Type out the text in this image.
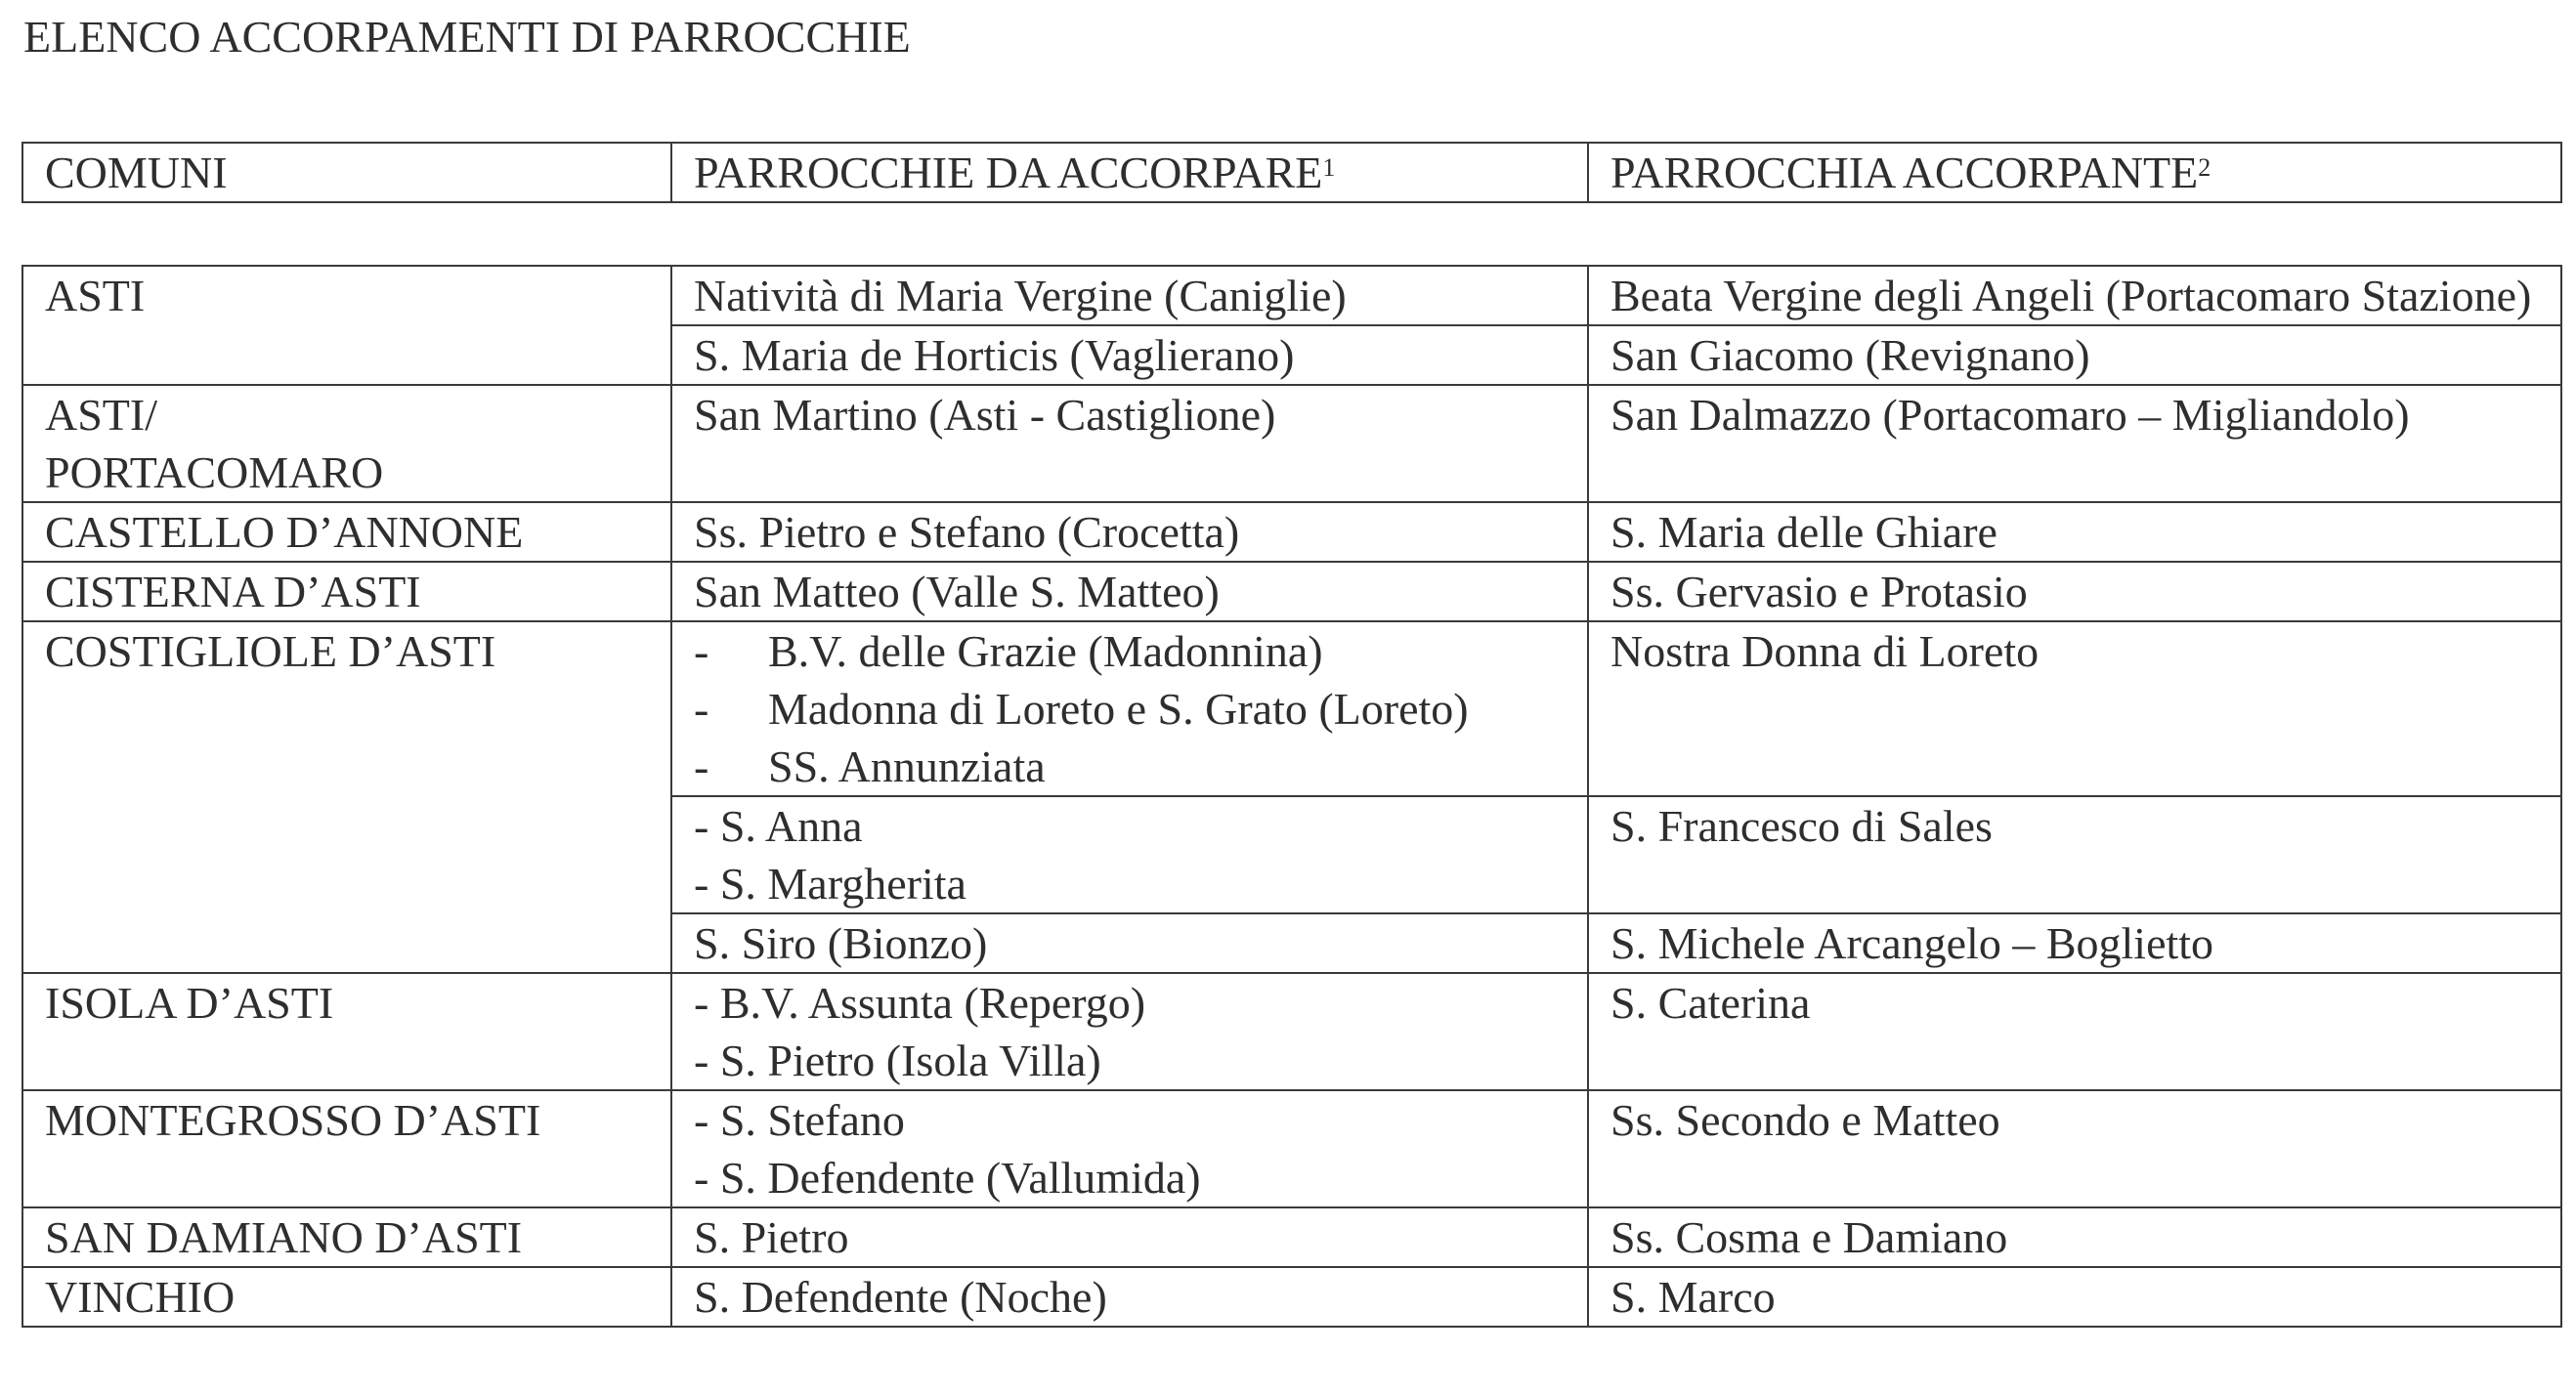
ELENCO ACCORPAMENTI DI PARROCCHIE
COMUNI	PARROCCHIE DA ACCORPARE$^1$	PARROCCHIA ACCORPANTE$^2$
ASTI	Natività di Maria Vergine (Caniglie)	Beata Vergine degli Angeli (Portacomaro Stazione)
	S. Maria de Horticis (Vaglierano)	San Giacomo (Revignano)

ASTI/
PORTACOMARO	San Martino (Asti - Castiglione)	San Dalmazzo (Portacomaro – Migliandolo)
CASTELLO D’ANNONE	Ss. Pietro e Stefano (Crocetta)	S. Maria delle Ghiare
CISTERNA D’ASTI	San Matteo (Valle S. Matteo)	Ss. Gervasio e Protasio
COSTIGLIOLE D’ASTI	- B.V. delle Grazie (Madonnina)
- Madonna di Loreto e S. Grato (Loreto)
- SS. Annunziata	Nostra Donna di Loreto

	- S. Anna
- S. Margherita	S. Francesco di Sales
	S. Siro (Bionzo)	S. Michele Arcangelo – Boglietto
ISOLA D’ASTI	- B.V. Assunta (Repergo)
- S. Pietro (Isola Villa)	S. Caterina
MONTEGROSSO D’ASTI	- S. Stefano
- S. Defendente (Vallumida)	Ss. Secondo e Matteo
SAN DAMIANO D’ASTI	S. Pietro	Ss. Cosma e Damiano
VINCHIO	S. Defendente (Noche)	S. Marco
